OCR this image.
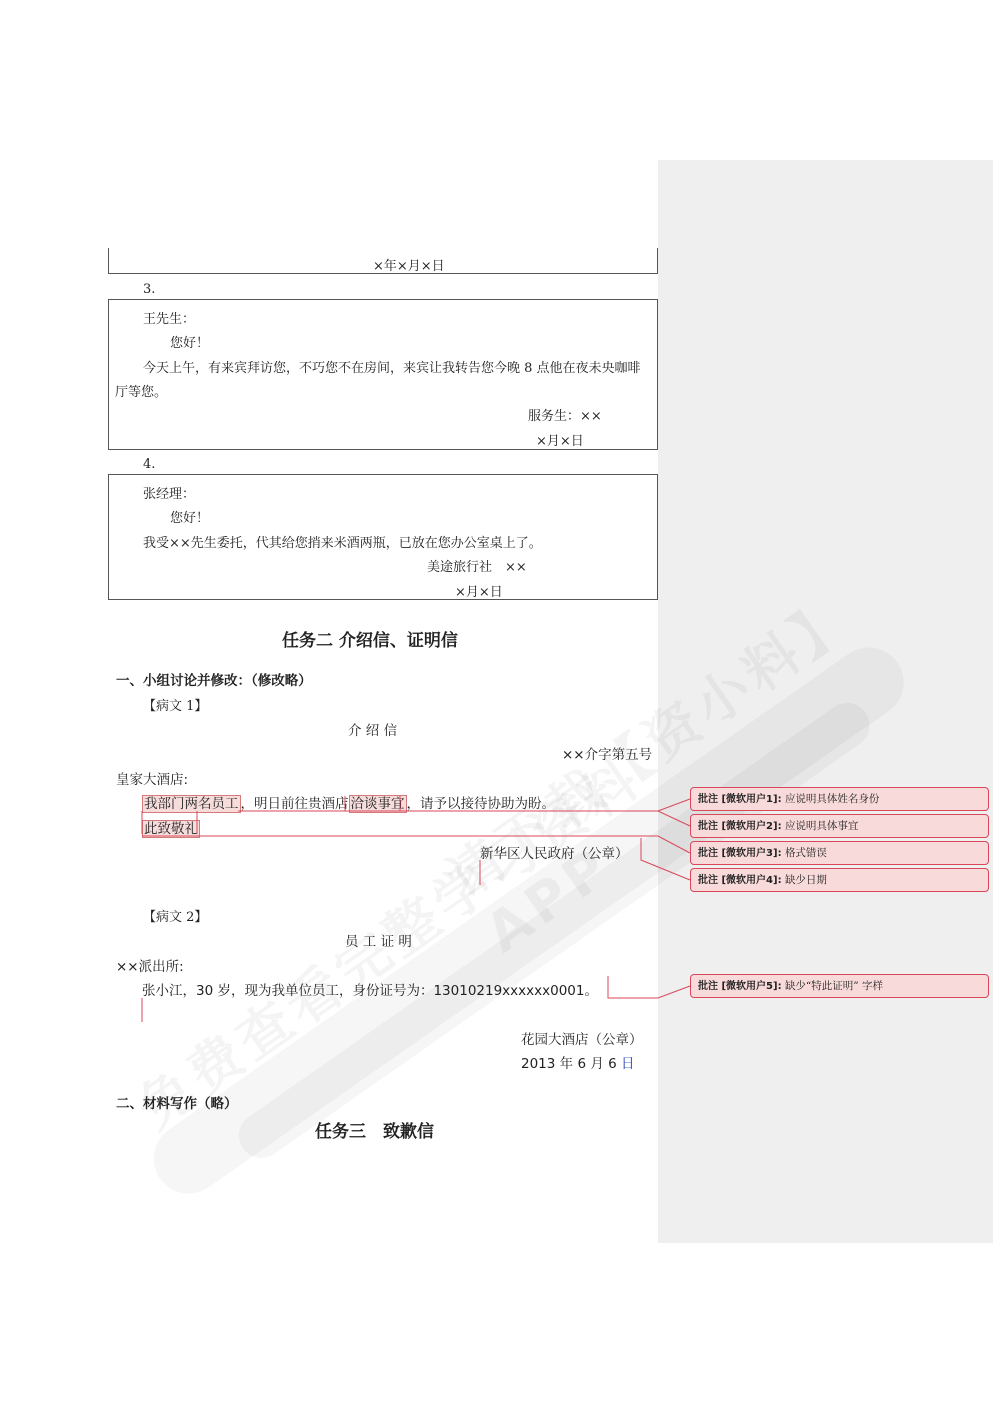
×年×月×日
3.
王先生：
您好！
今天上午，有来宾拜访您，不巧您不在房间，来宾让我转告您今晚 8 点他在夜未央咖啡
厅等您。
服务生：××
×月×日
4.
张经理：
您好！
我受××先生委托，代其给您捎来米酒两瓶，已放在您办公室桌上了。
美途旅行社　××
×月×日
任务二 介绍信、证明信
一、小组讨论并修改：（修改略）
【病文 1】
介 绍 信
××介字第五号
皇家大酒店:
我部门两名员工 ，明日前往贵酒店 洽谈事宜 ，请予以接待协助为盼。
此致敬礼
新华区人民政府（公章）
【病文 2】
员 工 证 明
××派出所:
张小江，30 岁，现为我单位员工，身份证号为：13010219xxxxxx0001。
花园大酒店（公章）
2013 年 6 月 6 日
二、材料写作（略）
任务三　致歉信
批注 [微软用户1]: 应说明具体姓名身份
批注 [微软用户2]: 应说明具体事宜
批注 [微软用户3]: 格式错误
批注 [微软用户4]: 缺少日期
批注 [微软用户5]: 缺少“特此证明” 字样
